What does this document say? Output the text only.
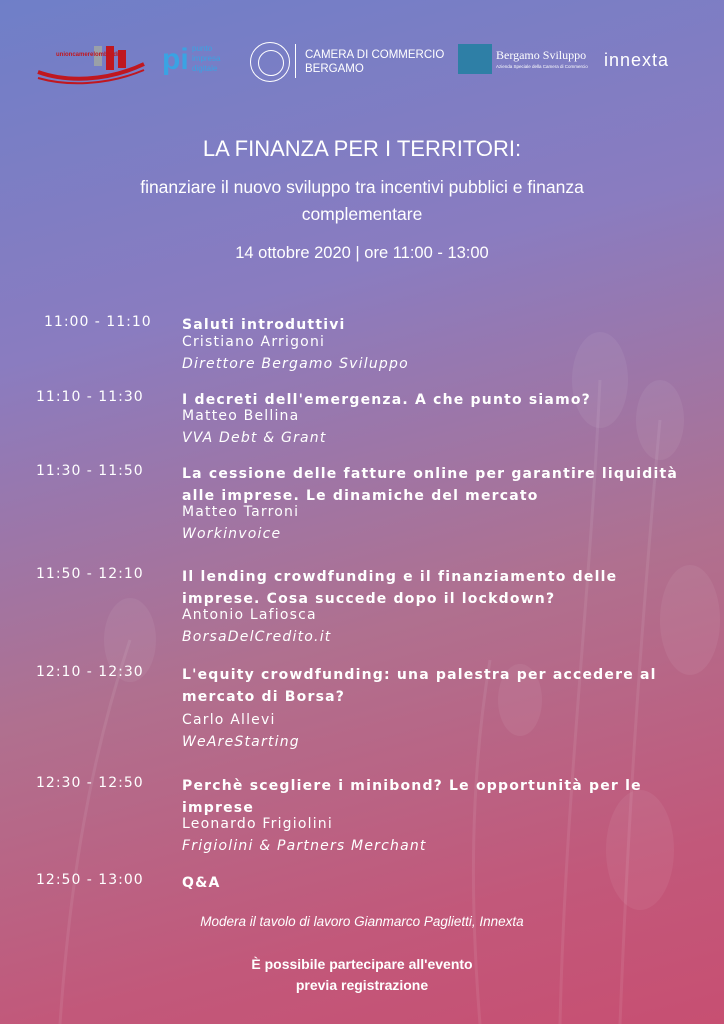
unioncamerelombardia pi punto
impresa
digitale
CAMERA DI COMMERCIO
BERGAMO
Bergamo Sviluppo
Azienda Speciale della Camera di Commercio innexta
LA FINANZA PER I TERRITORI:
finanziare il nuovo sviluppo tra incentivi pubblici e finanza complementare
14 ottobre 2020 | ore 11:00 - 13:00
11:00 - 11:10 Saluti introduttivi
Cristiano Arrigoni
Direttore Bergamo Sviluppo
11:10 - 11:30	I decreti dell'emergenza. A che punto siamo?
Matteo Bellina
VVA Debt & Grant
11:30 - 11:50	La cessione delle fatture online per garantire liquidità alle imprese. Le dinamiche del mercato
Matteo Tarroni
Workinvoice
11:50 - 12:10	Il lending crowdfunding e il finanziamento delle imprese. Cosa succede dopo il lockdown?
Antonio Lafiosca
BorsaDelCredito.it
12:10 - 12:30	L'equity crowdfunding: una palestra per accedere al mercato di Borsa?
Carlo Allevi
WeAreStarting
12:30 - 12:50	Perchè scegliere i minibond? Le opportunità per le imprese
Leonardo Frigiolini
Frigiolini & Partners Merchant
12:50 - 13:00	Q&A
Modera il tavolo di lavoro Gianmarco Paglietti, Innexta
È possibile partecipare all'evento
previa registrazione
